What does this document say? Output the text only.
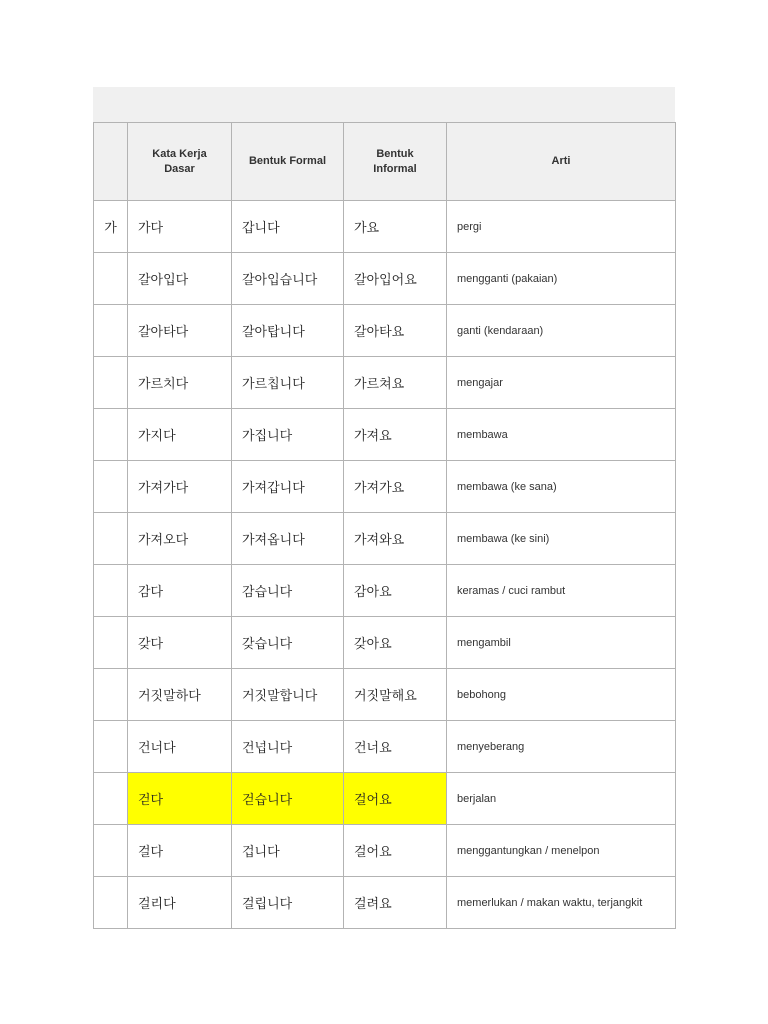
	Kata Kerja Dasar	Bentuk Formal	Bentuk Informal	Arti

가	가다	갑니다	가요	pergi
	갈아입다	갈아입습니다	갈아입어요	mengganti (pakaian)
	갈아타다	갈아탑니다	갈아타요	ganti (kendaraan)
	가르치다	가르칩니다	가르쳐요	mengajar
	가지다	가집니다	가져요	membawa
	가져가다	가져갑니다	가져가요	membawa (ke sana)
	가져오다	가져옵니다	가져와요	membawa (ke sini)
	감다	감습니다	감아요	keramas / cuci rambut
	갖다	갖습니다	갖아요	mengambil
	거짓말하다	거짓말합니다	거짓말해요	bebohong
	건너다	건넙니다	건너요	menyeberang
	걷다	걷습니다	걸어요	berjalan
	걸다	겁니다	걸어요	menggantungkan / menelpon
	걸리다	걸립니다	걸려요	memerlukan / makan waktu, terjangkit
